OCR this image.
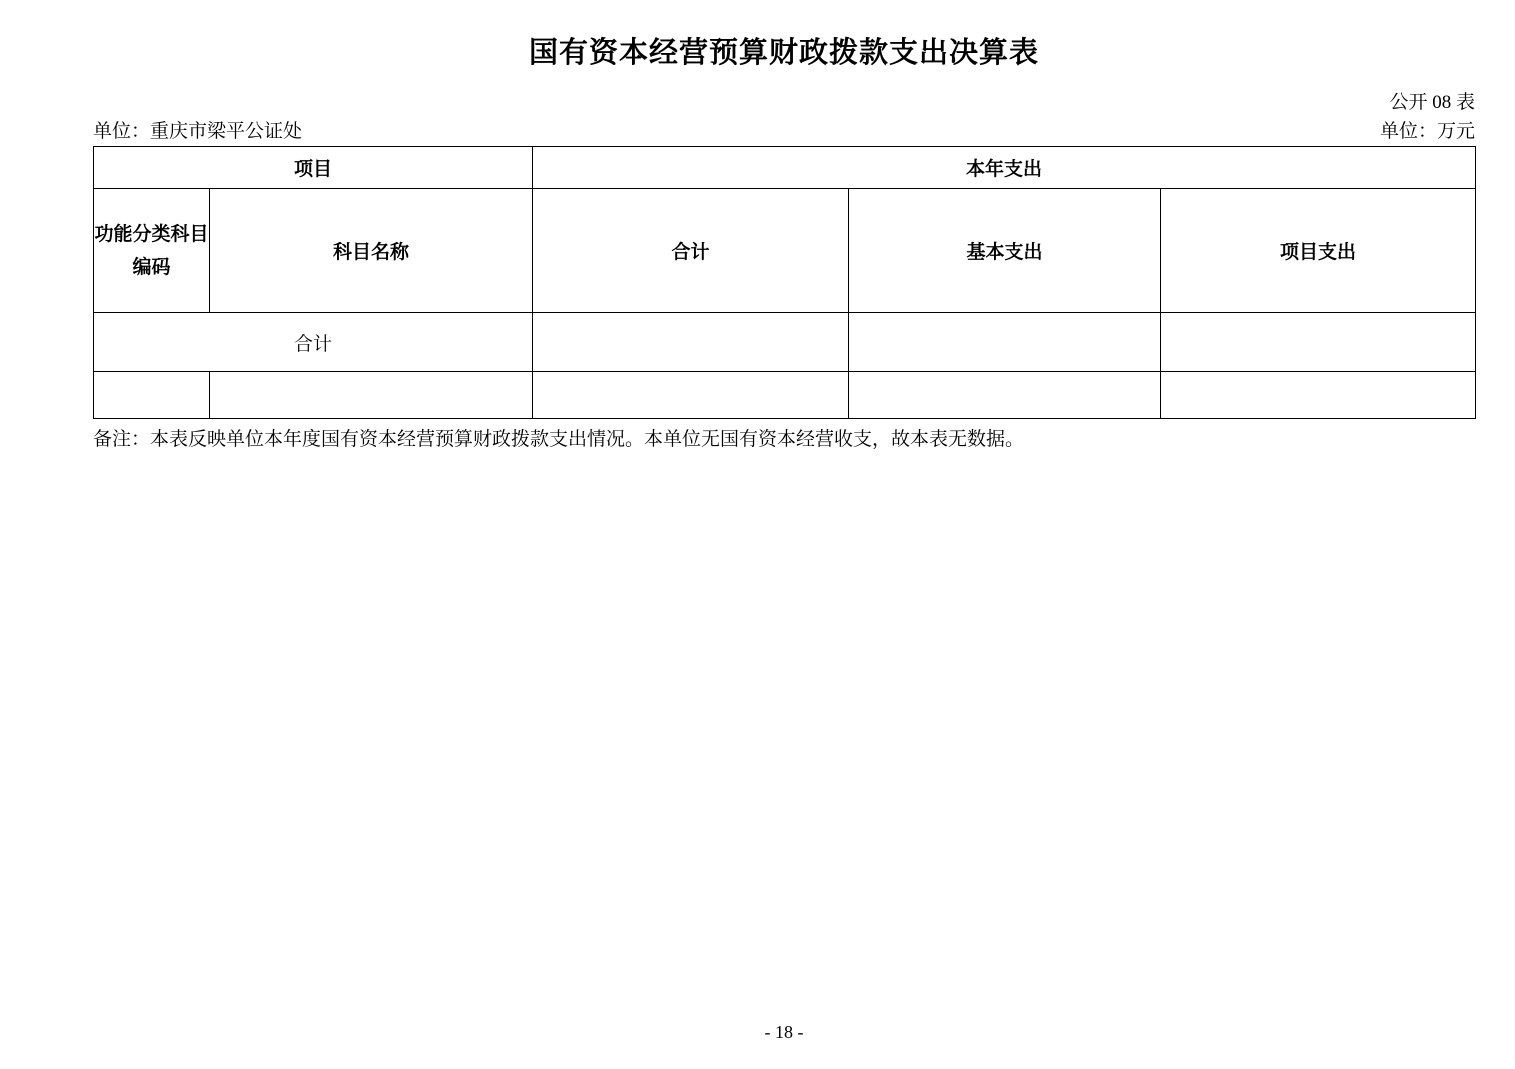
国有资本经营预算财政拨款支出决算表
公开 08 表
单位：重庆市梁平公证处	单位：万元
项目		本年支出		

功能分类科目
编码	科目名称	合计	基本支出	项目支出
合计				

备注：本表反映单位本年度国有资本经营预算财政拨款支出情况。本单位无国有资本经营收支，故本表无数据。
- 18 -
